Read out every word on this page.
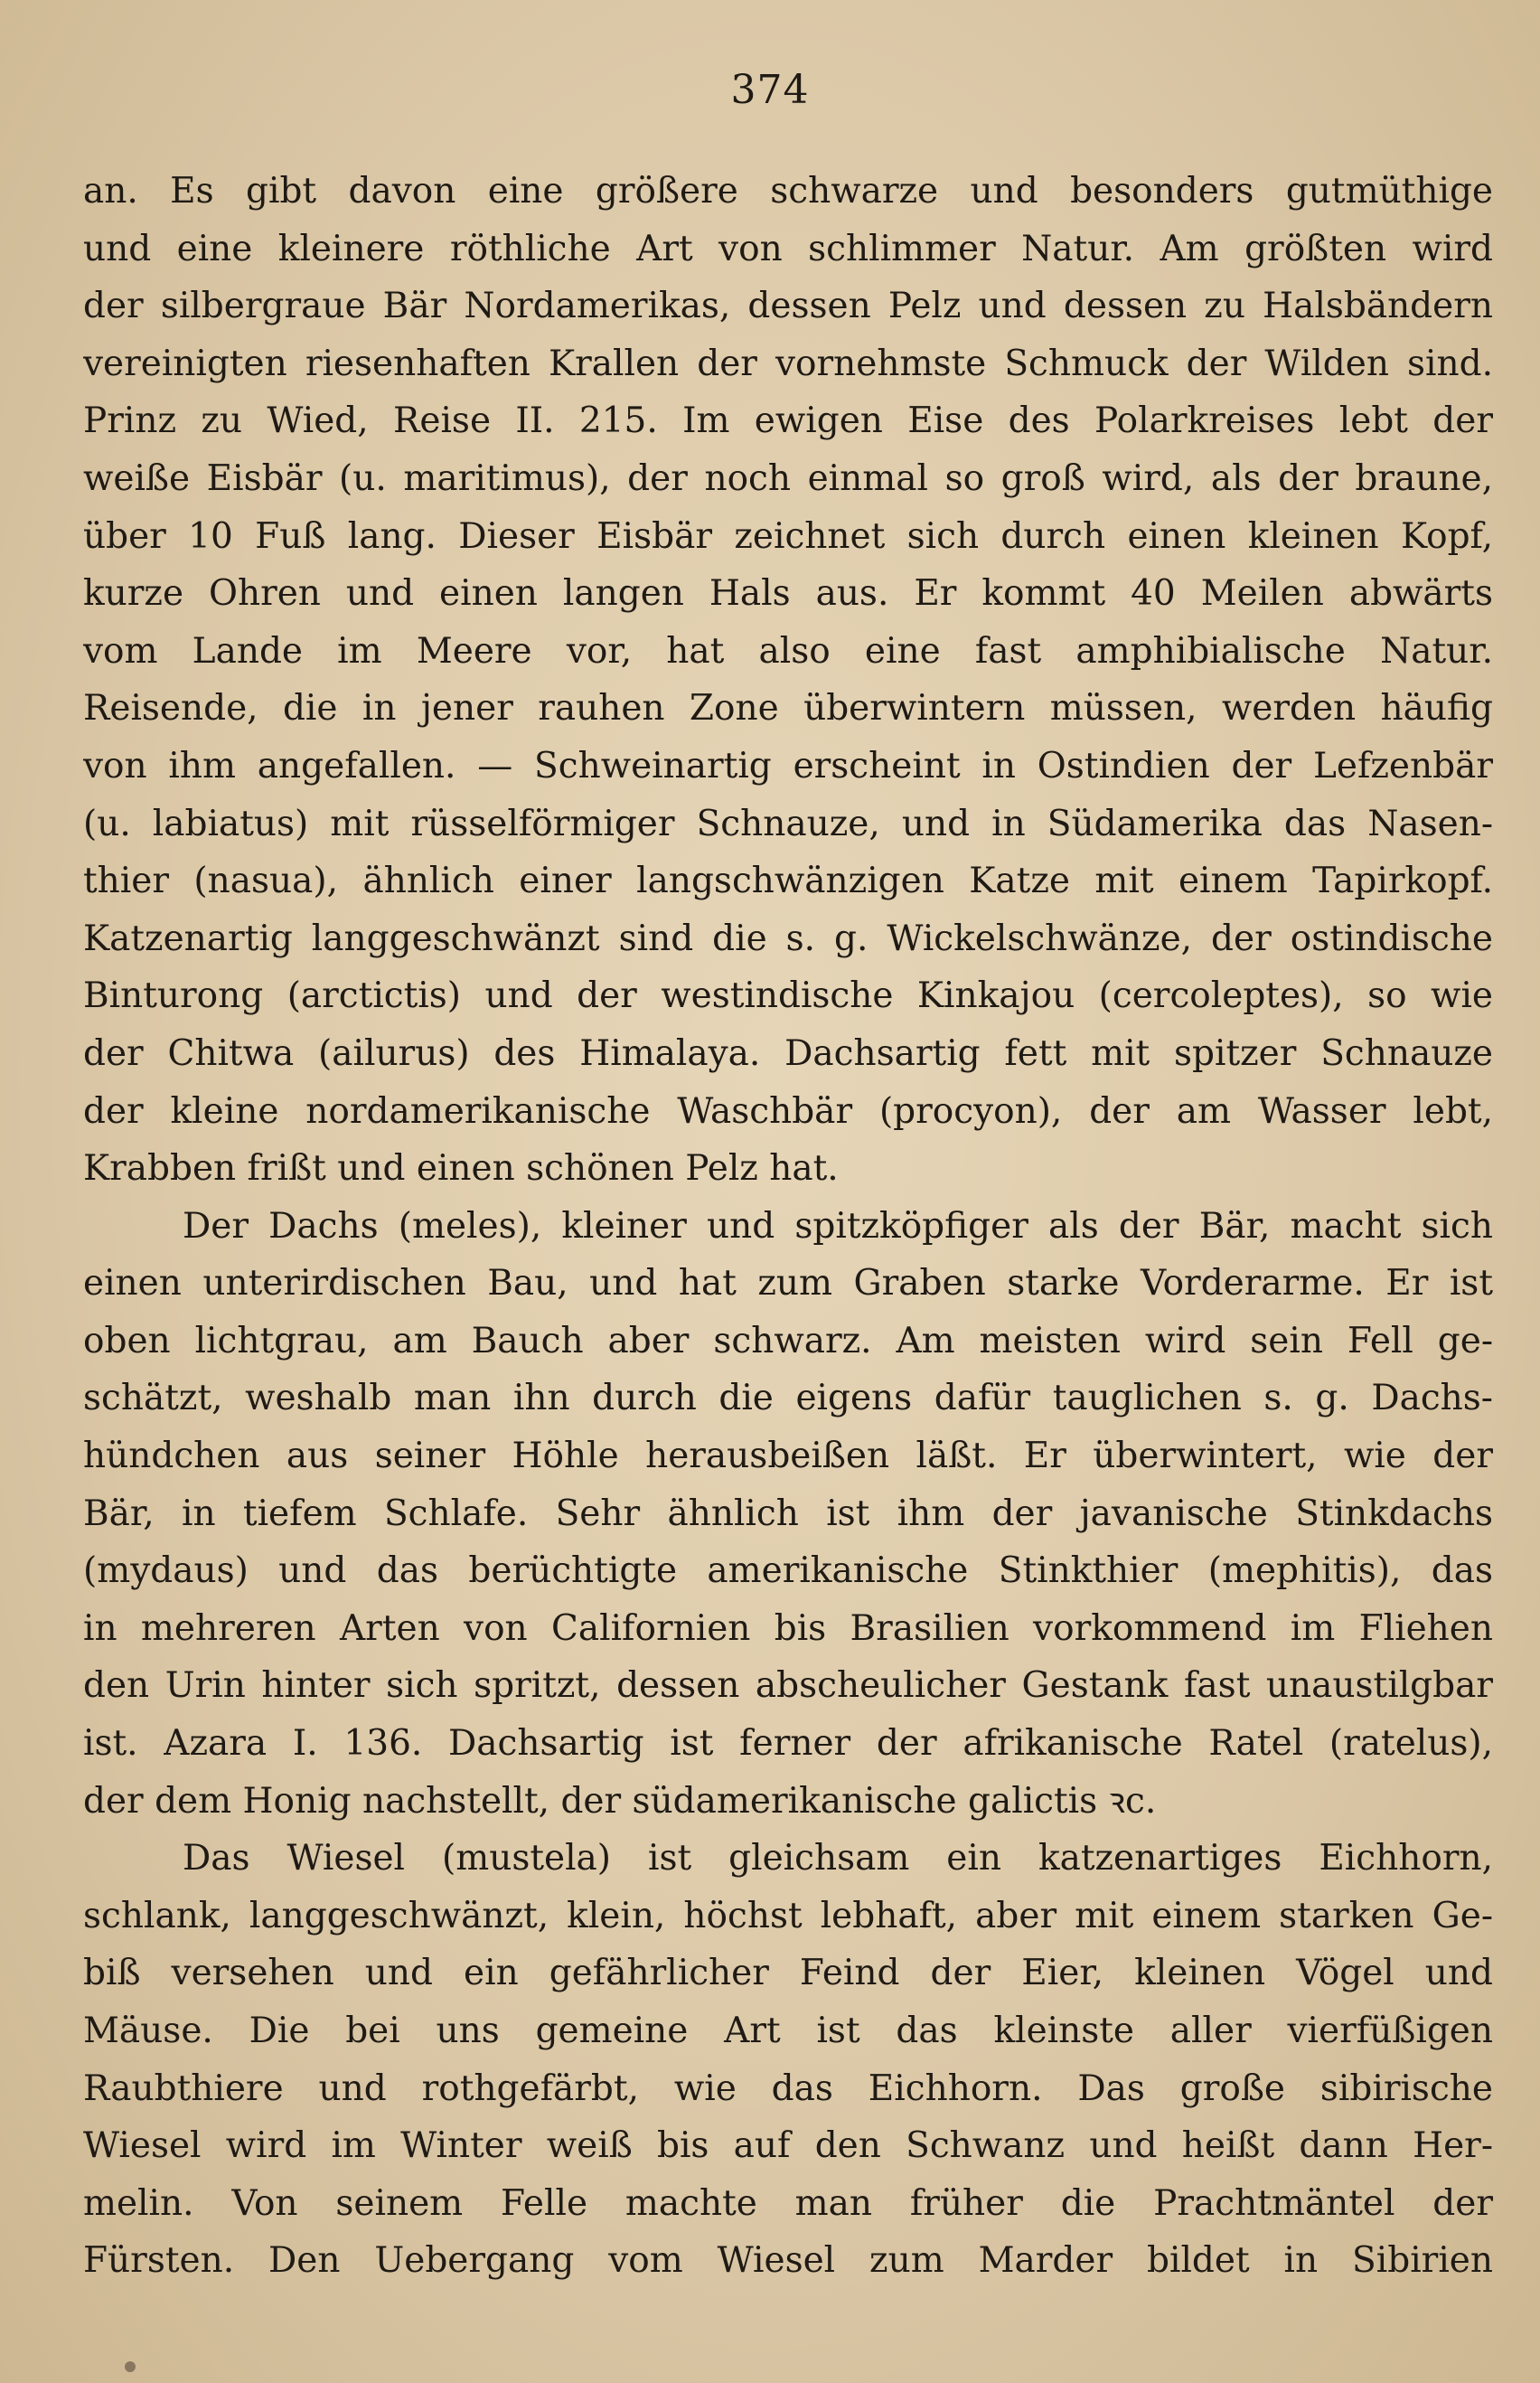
374
an. Es gibt davon eine größere schwarze und besonders gutmüthige
und eine kleinere röthliche Art von schlimmer Natur. Am größten wird
der silbergraue Bär Nordamerikas, dessen Pelz und dessen zu Halsbändern
vereinigten riesenhaften Krallen der vornehmste Schmuck der Wilden sind.
Prinz zu Wied, Reise II. 215. Im ewigen Eise des Polarkreises lebt der
weiße Eisbär (u. maritimus), der noch einmal so groß wird, als der braune,
über 10 Fuß lang. Dieser Eisbär zeichnet sich durch einen kleinen Kopf,
kurze Ohren und einen langen Hals aus. Er kommt 40 Meilen abwärts
vom Lande im Meere vor, hat also eine fast amphibialische Natur.
Reisende, die in jener rauhen Zone überwintern müssen, werden häufig
von ihm angefallen. — Schweinartig erscheint in Ostindien der Lefzenbär
(u. labiatus) mit rüsselförmiger Schnauze, und in Südamerika das Nasen-
thier (nasua), ähnlich einer langschwänzigen Katze mit einem Tapirkopf.
Katzenartig langgeschwänzt sind die s. g. Wickelschwänze, der ostindische
Binturong (arctictis) und der westindische Kinkajou (cercoleptes), so wie
der Chitwa (ailurus) des Himalaya. Dachsartig fett mit spitzer Schnauze
der kleine nordamerikanische Waschbär (procyon), der am Wasser lebt,
Krabben frißt und einen schönen Pelz hat.
Der Dachs (meles), kleiner und spitzköpfiger als der Bär, macht sich
einen unterirdischen Bau, und hat zum Graben starke Vorderarme. Er ist
oben lichtgrau, am Bauch aber schwarz. Am meisten wird sein Fell ge-
schätzt, weshalb man ihn durch die eigens dafür tauglichen s. g. Dachs-
hündchen aus seiner Höhle herausbeißen läßt. Er überwintert, wie der
Bär, in tiefem Schlafe. Sehr ähnlich ist ihm der javanische Stinkdachs
(mydaus) und das berüchtigte amerikanische Stinkthier (mephitis), das
in mehreren Arten von Californien bis Brasilien vorkommend im Fliehen
den Urin hinter sich spritzt, dessen abscheulicher Gestank fast unaustilgbar
ist. Azara I. 136. Dachsartig ist ferner der afrikanische Ratel (ratelus),
der dem Honig nachstellt, der südamerikanische galictis ꝛc.
Das Wiesel (mustela) ist gleichsam ein katzenartiges Eichhorn,
schlank, langgeschwänzt, klein, höchst lebhaft, aber mit einem starken Ge-
biß versehen und ein gefährlicher Feind der Eier, kleinen Vögel und
Mäuse. Die bei uns gemeine Art ist das kleinste aller vierfüßigen
Raubthiere und rothgefärbt, wie das Eichhorn. Das große sibirische
Wiesel wird im Winter weiß bis auf den Schwanz und heißt dann Her-
melin. Von seinem Felle machte man früher die Prachtmäntel der
Fürsten. Den Uebergang vom Wiesel zum Marder bildet in Sibirien
